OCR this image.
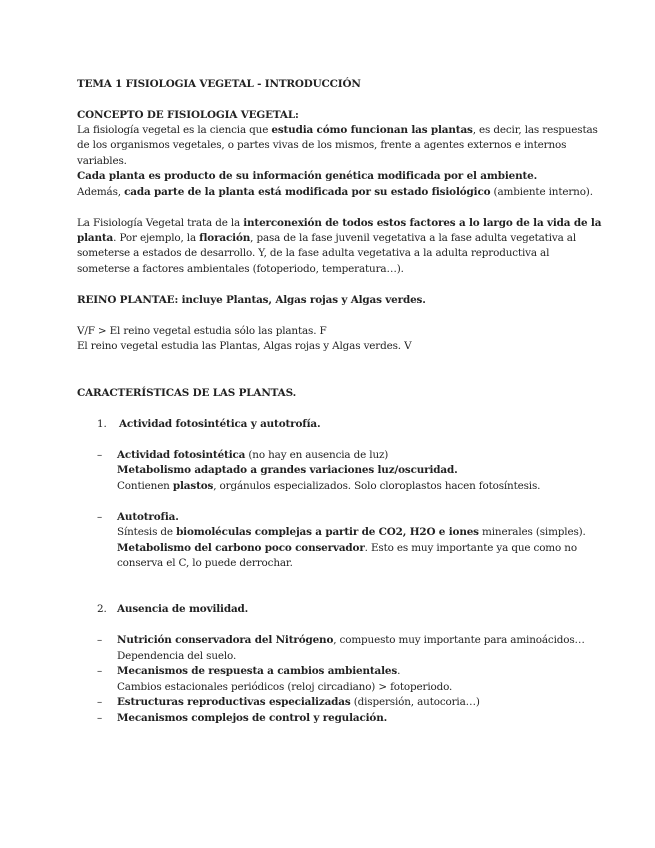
TEMA 1 FISIOLOGIA VEGETAL - INTRODUCCIÓN
CONCEPTO DE FISIOLOGIA VEGETAL:
La fisiología vegetal es la ciencia que estudia cómo funcionan las plantas, es decir, las respuestas
de los organismos vegetales, o partes vivas de los mismos, frente a agentes externos e internos
variables.
Cada planta es producto de su información genética modificada por el ambiente.
Además, cada parte de la planta está modificada por su estado fisiológico (ambiente interno).
La Fisiología Vegetal trata de la interconexión de todos estos factores a lo largo de la vida de la
planta. Por ejemplo, la floración, pasa de la fase juvenil vegetativa a la fase adulta vegetativa al
someterse a estados de desarrollo. Y, de la fase adulta vegetativa a la adulta reproductiva al
someterse a factores ambientales (fotoperiodo, temperatura…).
REINO PLANTAE: incluye Plantas, Algas rojas y Algas verdes.
V/F > El reino vegetal estudia sólo las plantas. F
El reino vegetal estudia las Plantas, Algas rojas y Algas verdes. V
CARACTERÍSTICAS DE LAS PLANTAS.
1. Actividad fotosintética y autotrofía.
– Actividad fotosintética (no hay en ausencia de luz)
Metabolismo adaptado a grandes variaciones luz/oscuridad.
Contienen plastos, orgánulos especializados. Solo cloroplastos hacen fotosíntesis.
– Autotrofia.
Síntesis de biomoléculas complejas a partir de CO2, H2O e iones minerales (simples).
Metabolismo del carbono poco conservador. Esto es muy importante ya que como no
conserva el C, lo puede derrochar.
2. Ausencia de movilidad.
– Nutrición conservadora del Nitrógeno, compuesto muy importante para aminoácidos…
Dependencia del suelo.
– Mecanismos de respuesta a cambios ambientales.
Cambios estacionales periódicos (reloj circadiano) > fotoperiodo.
– Estructuras reproductivas especializadas (dispersión, autocoria…)
– Mecanismos complejos de control y regulación.
